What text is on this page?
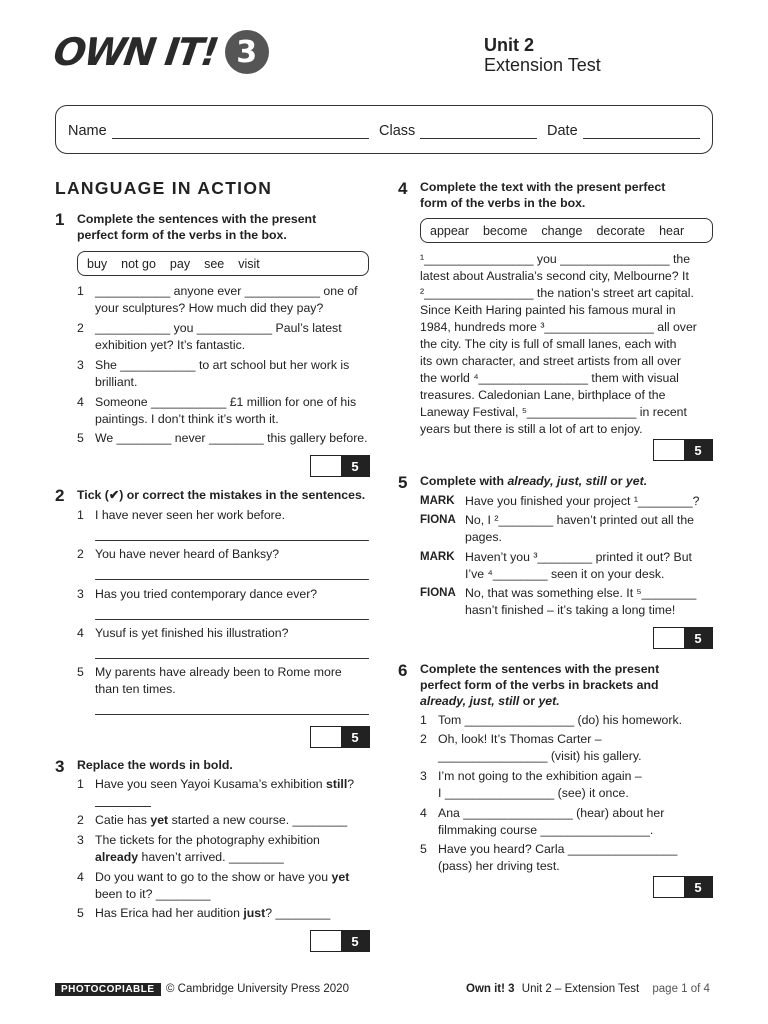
OWN IT! 3	Unit 2
Extension Test
Name	Class	Date
LANGUAGE IN ACTION
1 Complete the sentences with the present
perfect form of the verbs in the box.
buy not go pay see visit
1 ___________ anyone ever ___________ one of
your sculptures? How much did they pay?
2 ___________ you ___________ Paul’s latest
exhibition yet? It’s fantastic.
3 She ___________ to art school but her work is
brilliant.
4 Someone ___________ £1 million for one of his
paintings. I don’t think it’s worth it.
5 We ________ never ________ this gallery before.
5
2 Tick (✔) or correct the mistakes in the sentences.
1 I have never seen her work before.
2 You have never heard of Banksy?
3 Has you tried contemporary dance ever?
4 Yusuf is yet finished his illustration?
5 My parents have already been to Rome more
than ten times.
5
3 Replace the words in bold.
1 Have you seen Yayoi Kusama’s exhibition still?
2 Catie has yet started a new course. ________
3 The tickets for the photography exhibition
already haven’t arrived. ________
4 Do you want to go to the show or have you yet
been to it? ________
5 Has Erica had her audition just? ________
5
4 Complete the text with the present perfect
form of the verbs in the box.
appear become change decorate hear
¹________________ you ________________ the
latest about Australia’s second city, Melbourne? It
²________________ the nation’s street art capital.
Since Keith Haring painted his famous mural in
1984, hundreds more ³________________ all over
the city. The city is full of small lanes, each with
its own character, and street artists from all over
the world ⁴________________ them with visual
treasures. Caledonian Lane, birthplace of the
Laneway Festival, ⁵________________ in recent
years but there is still a lot of art to enjoy.
5
5 Complete with already, just, still or yet.
MARK Have you finished your project ¹________?
FIONA No, I ²________ haven’t printed out all the
pages.
MARK Haven’t you ³________ printed it out? But
I’ve ⁴________ seen it on your desk.
FIONA No, that was something else. It ⁵________
hasn’t finished – it’s taking a long time!
5
6 Complete the sentences with the present
perfect form of the verbs in brackets and
already, just, still or yet.
1 Tom ________________ (do) his homework.
2 Oh, look! It’s Thomas Carter –
________________ (visit) his gallery.
3 I’m not going to the exhibition again –
I ________________ (see) it once.
4 Ana ________________ (hear) about her
filmmaking course ________________.
5 Have you heard? Carla ________________
(pass) her driving test.
5
PHOTOCOPIABLE © Cambridge University Press 2020	Own it! 3 Unit 2 – Extension Test page 1 of 4
